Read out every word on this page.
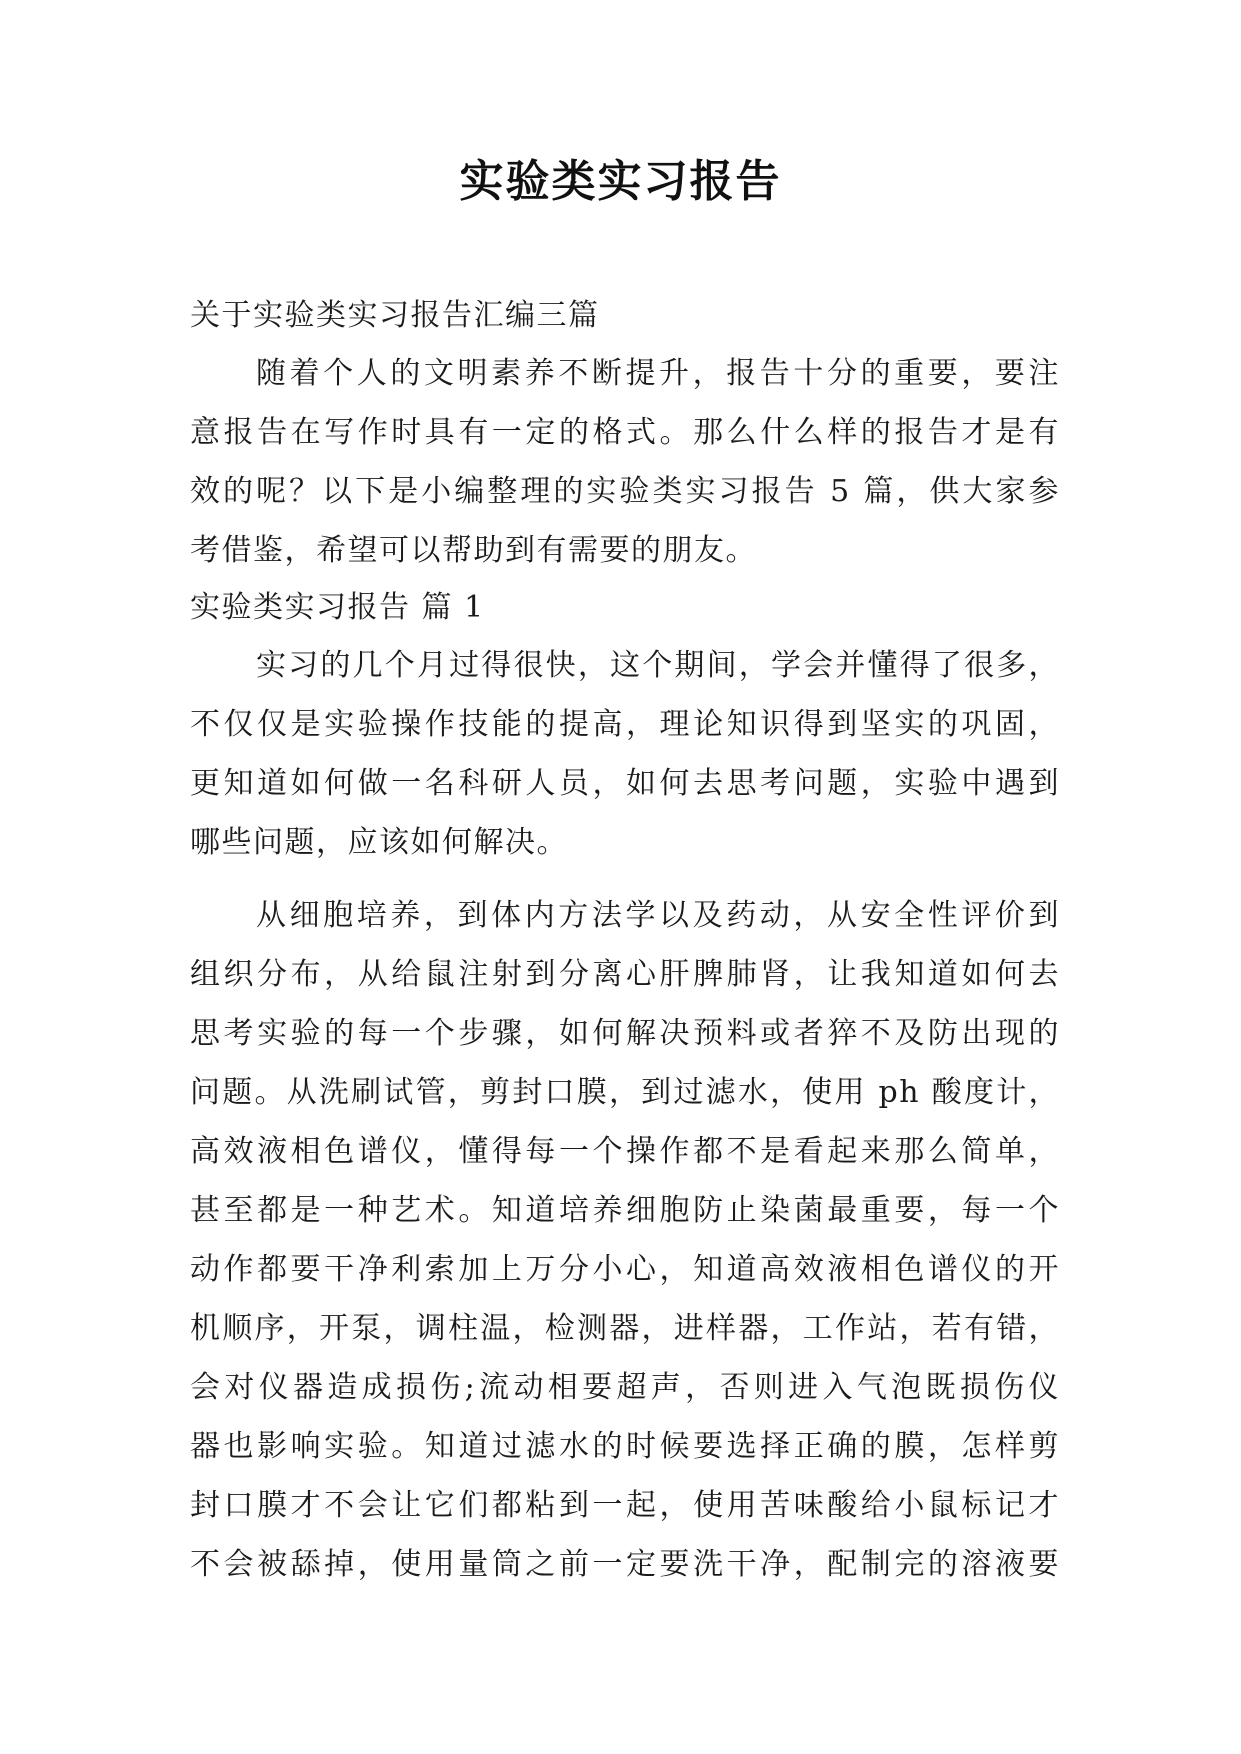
实验类实习报告
关于实验类实习报告汇编三篇
随着个人的文明素养不断提升，报告十分的重要，要注
意报告在写作时具有一定的格式。那么什么样的报告才是有
效的呢？以下是小编整理的实验类实习报告 5 篇，供大家参
考借鉴，希望可以帮助到有需要的朋友。
实验类实习报告 篇 1
实习的几个月过得很快，这个期间，学会并懂得了很多，
不仅仅是实验操作技能的提高，理论知识得到坚实的巩固，
更知道如何做一名科研人员，如何去思考问题，实验中遇到
哪些问题，应该如何解决。
从细胞培养，到体内方法学以及药动，从安全性评价到
组织分布，从给鼠注射到分离心肝脾肺肾，让我知道如何去
思考实验的每一个步骤，如何解决预料或者猝不及防出现的
问题。从洗刷试管，剪封口膜，到过滤水，使用 ph 酸度计，
高效液相色谱仪，懂得每一个操作都不是看起来那么简单，
甚至都是一种艺术。知道培养细胞防止染菌最重要，每一个
动作都要干净利索加上万分小心，知道高效液相色谱仪的开
机顺序，开泵，调柱温，检测器，进样器，工作站，若有错，
会对仪器造成损伤;流动相要超声，否则进入气泡既损伤仪
器也影响实验。知道过滤水的时候要选择正确的膜，怎样剪
封口膜才不会让它们都粘到一起，使用苦味酸给小鼠标记才
不会被舔掉，使用量筒之前一定要洗干净，配制完的溶液要
